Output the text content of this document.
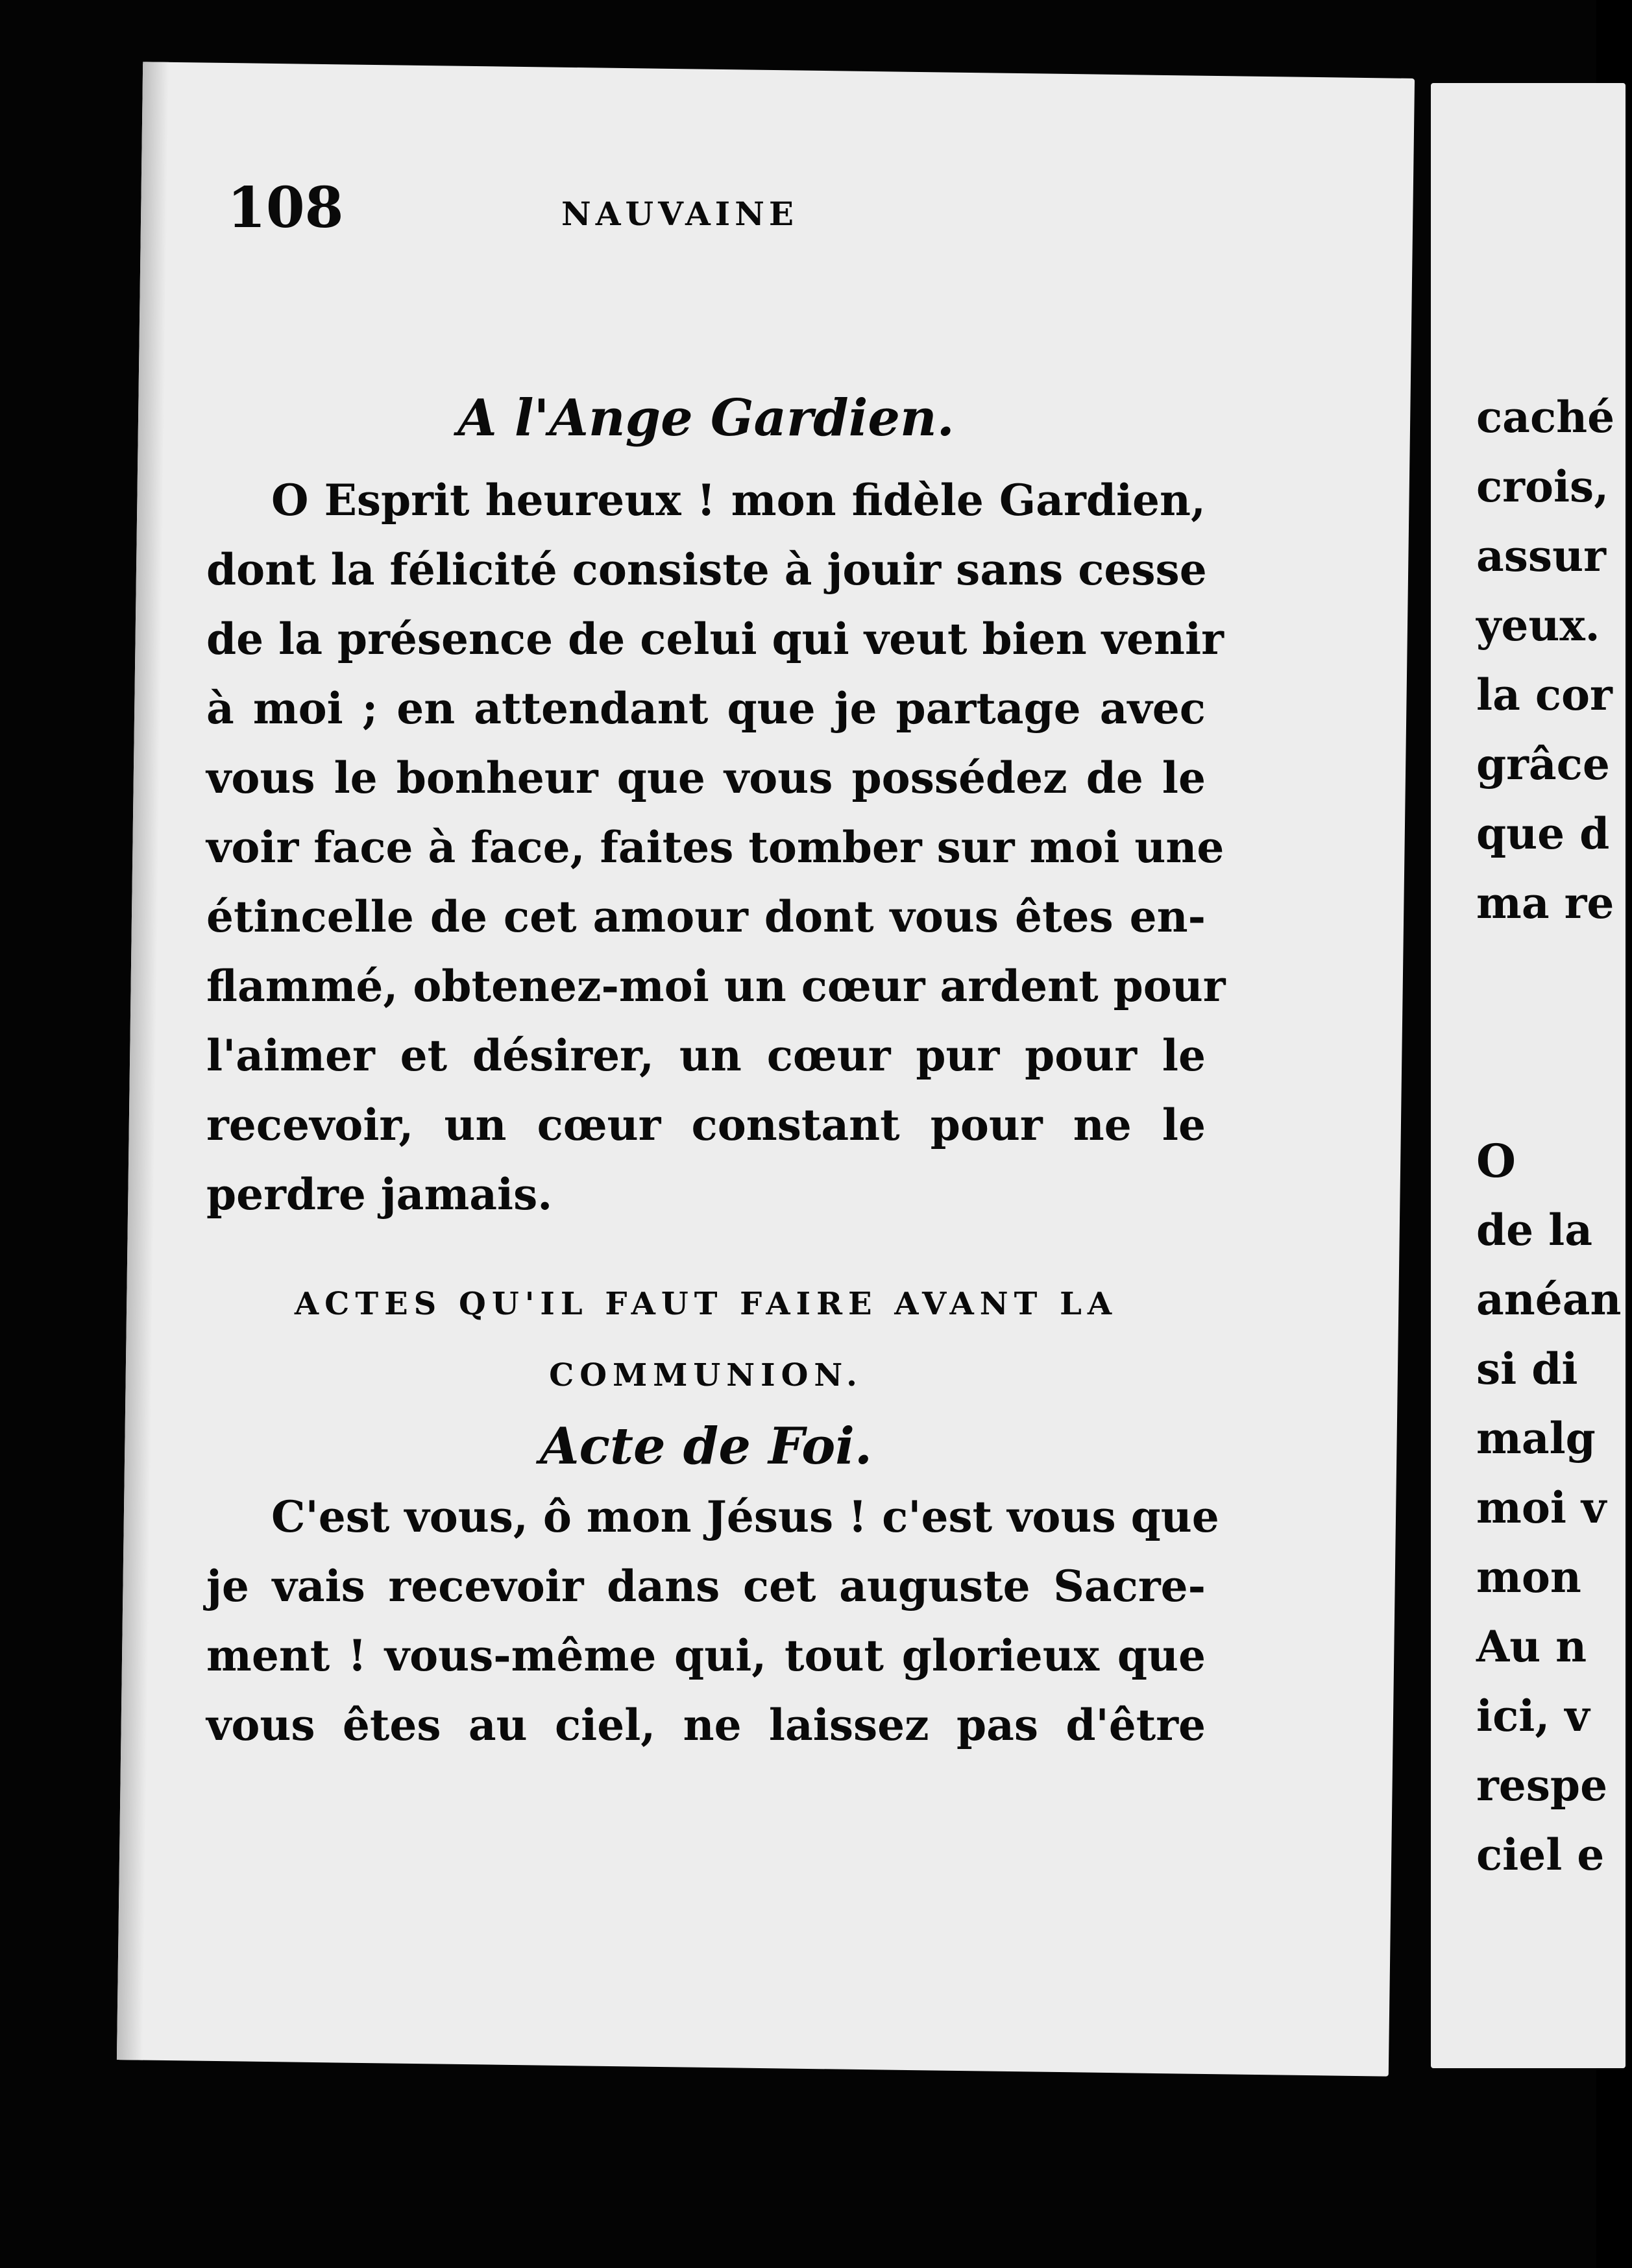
108	NAUVAINE

A l'Ange Gardien.

O Esprit heureux ! mon fidèle Gardien,

dont la félicité consiste à jouir sans cesse

de la présence de celui qui veut bien venir

à moi ; en attendant que je partage avec

vous le bonheur que vous possédez de le

voir face à face, faites tomber sur moi une

étincelle de cet amour dont vous êtes en-

flammé, obtenez-moi un cœur ardent pour

l'aimer et désirer, un cœur pur pour le

recevoir, un cœur constant pour ne le

perdre jamais.

ACTES QU'IL FAUT FAIRE AVANT LA

COMMUNION.

Acte de Foi.

C'est vous, ô mon Jésus ! c'est vous que

je vais recevoir dans cet auguste Sacre-

ment ! vous-même qui, tout glorieux que

vous êtes au ciel, ne laissez pas d'être

caché
crois,
assur
yeux.
la cor
grâce
que d
ma re
O
de la
anéan
si di
malg
moi v
mon
Au n
ici, v
respe
ciel e
